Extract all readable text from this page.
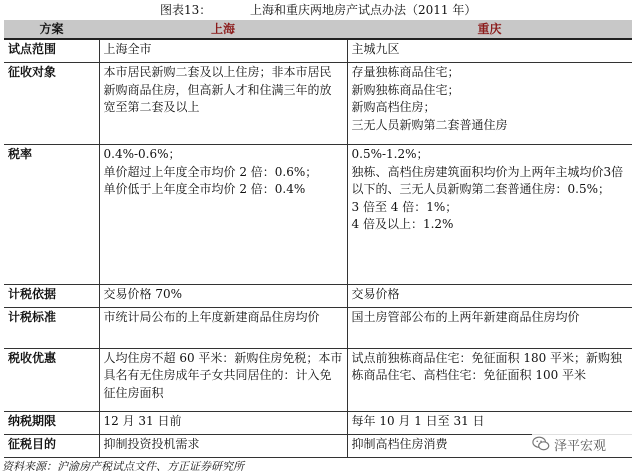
图表13：	上海和重庆两地房产试点办法（2011 年）
方案	上海	重庆
试点范围	上海全市	主城九区

征收对象	本市居民新购二套及以上住房；非本市居民新购商品住房，但高新人才和住满三年的放宽至第二套及以上	存量独栋商品住宅；
新购独栋商品住宅；
新购高档住房；
三无人员新购第二套普通住房

税率	0.4%-0.6%；
单价超过上年度全市均价 2 倍：0.6%；
单价低于上年度全市均价 2 倍：0.4%	0.5%-1.2%；
独栋、高档住房建筑面积均价为上两年主城均价3倍以下的、三无人员新购第二套普通住房：0.5%；
3 倍至 4 倍：1%；
4 倍及以上：1.2%

计税依据	交易价格 70%	交易价格

计税标准	市统计局公布的上年度新建商品住房均价	国土房管部公布的上两年新建商品住房均价

税收优惠	人均住房不超 60 平米：新购住房免税；本市具名有无住房成年子女共同居住的：计入免征住房面积	试点前独栋商品住宅：免征面积 180 平米；新购独栋商品住宅、高档住宅：免征面积 100 平米

纳税期限	12 月 31 日前	每年 10 月 1 日至 31 日

征税目的	抑制投资投机需求	抑制高档住房消费
资料来源：沪渝房产税试点文件、方正证券研究所
泽平宏观
